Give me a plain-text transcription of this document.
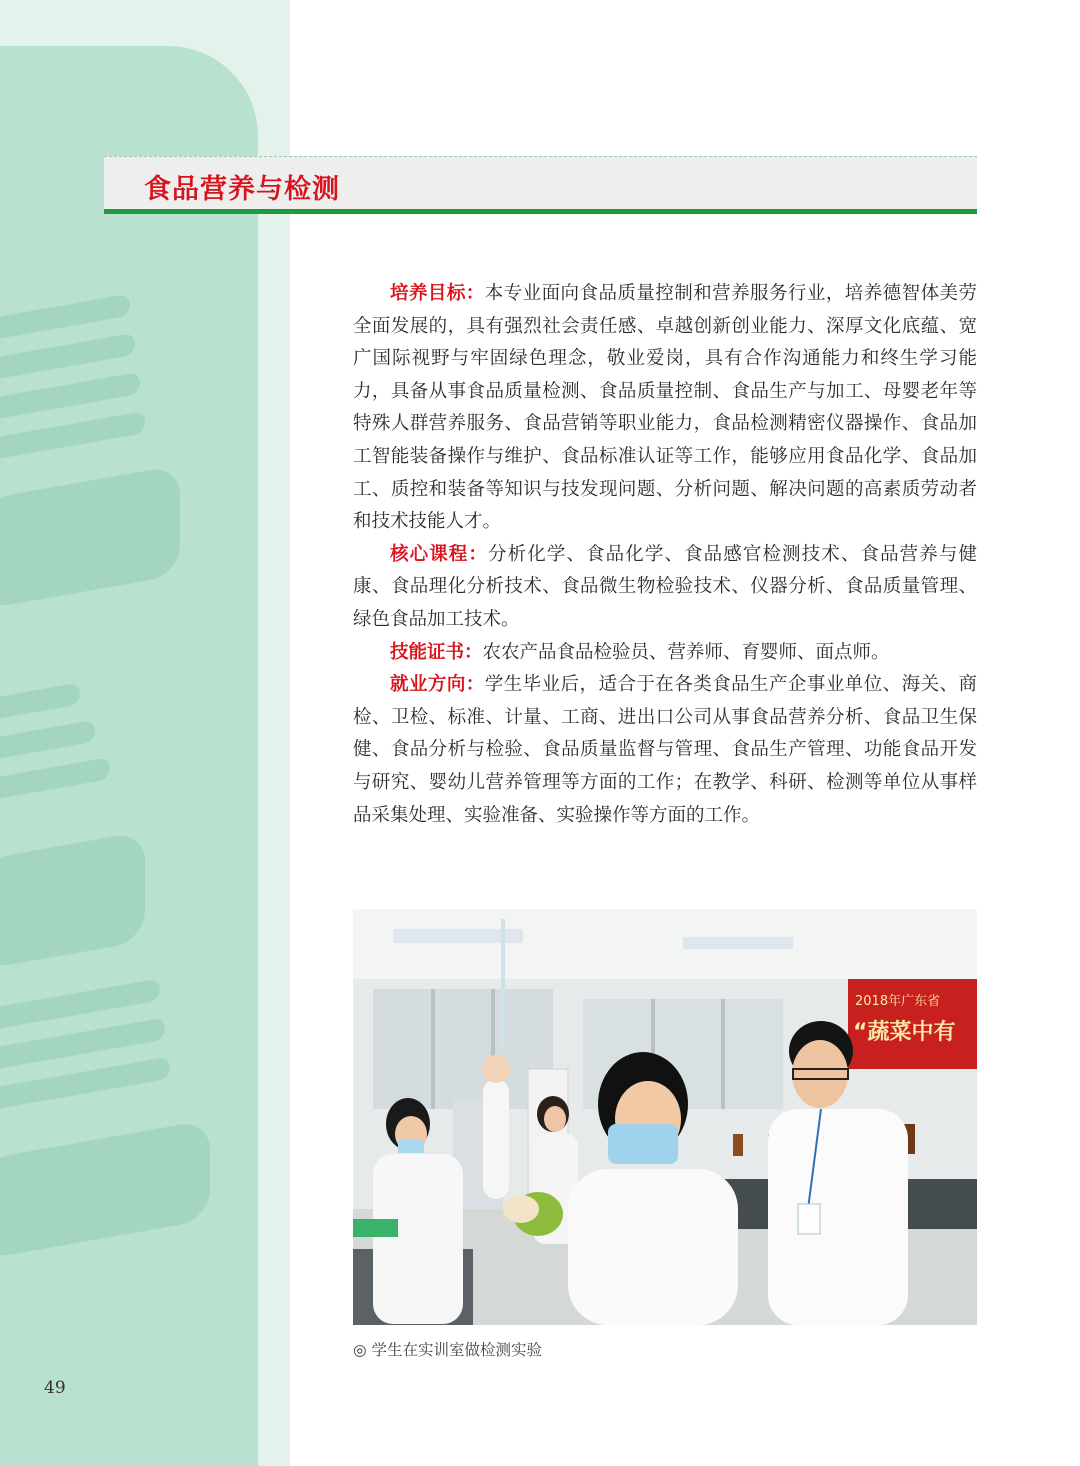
49
食品营养与检测

培养目标：本专业面向食品质量控制和营养服务行业，培养德智体美劳全面发展的，具有强烈社会责任感、卓越创新创业能力、深厚文化底蕴、宽广国际视野与牢固绿色理念，敬业爱岗，具有合作沟通能力和终生学习能力，具备从事食品质量检测、食品质量控制、食品生产与加工、母婴老年等特殊人群营养服务、食品营销等职业能力，食品检测精密仪器操作、食品加工智能装备操作与维护、食品标准认证等工作，能够应用食品化学、食品加工、质控和装备等知识与技发现问题、分析问题、解决问题的高素质劳动者和技术技能人才。

核心课程：分析化学、食品化学、食品感官检测技术、食品营养与健康、食品理化分析技术、食品微生物检验技术、仪器分析、食品质量管理、绿色食品加工技术。

技能证书：农农产品食品检验员、营养师、育婴师、面点师。

就业方向：学生毕业后，适合于在各类食品生产企事业单位、海关、商检、卫检、标准、计量、工商、进出口公司从事食品营养分析、食品卫生保健、食品分析与检验、食品质量监督与管理、食品生产管理、功能食品开发与研究、婴幼儿营养管理等方面的工作；在教学、科研、检测等单位从事样品采集处理、实验准备、实验操作等方面的工作。

2018年广东省
“蔬菜中有
◎ 学生在实训室做检测实验
